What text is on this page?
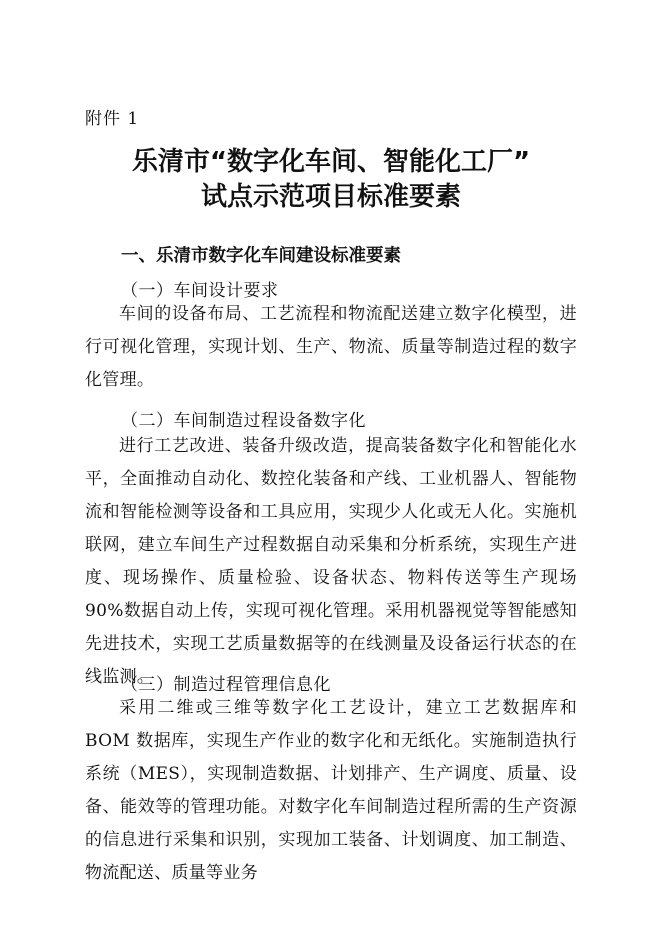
附件 1
乐清市“数字化车间、智能化工厂”
试点示范项目标准要素
一、乐清市数字化车间建设标准要素
（一）车间设计要求

车间的设备布局、工艺流程和物流配送建立数字化模型，进行可视化管理，实现计划、生产、物流、质量等制造过程的数字化管理。

（二）车间制造过程设备数字化

进行工艺改进、装备升级改造，提高装备数字化和智能化水平，全面推动自动化、数控化装备和产线、工业机器人、智能物流和智能检测等设备和工具应用，实现少人化或无人化。实施机联网，建立车间生产过程数据自动采集和分析系统，实现生产进度、现场操作、质量检验、设备状态、物料传送等生产现场 90%数据自动上传，实现可视化管理。采用机器视觉等智能感知先进技术，实现工艺质量数据等的在线测量及设备运行状态的在线监测。

（三）制造过程管理信息化

采用二维或三维等数字化工艺设计，建立工艺数据库和 BOM 数据库，实现生产作业的数字化和无纸化。实施制造执行系统（MES），实现制造数据、计划排产、生产调度、质量、设备、能效等的管理功能。对数字化车间制造过程所需的生产资源的信息进行采集和识别，实现加工装备、计划调度、加工制造、物流配送、质量等业务
